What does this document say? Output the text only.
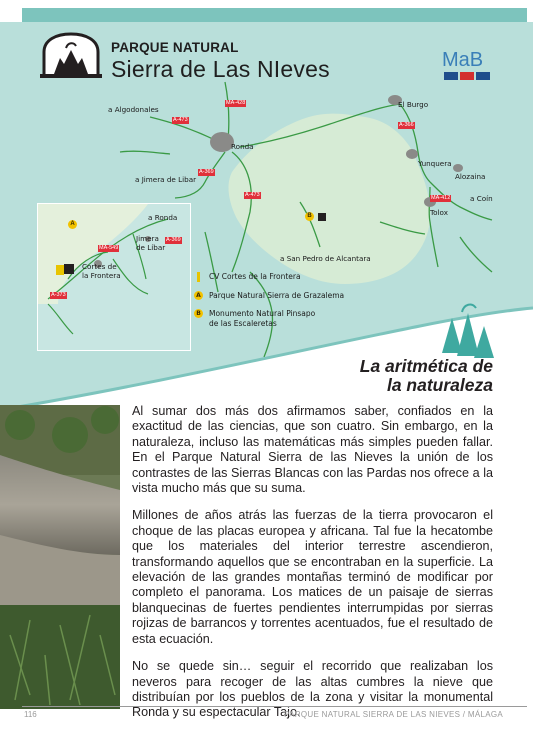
a Algodonales
Ronda
a Jimera de Libar
El Burgo
Yunquera
Alozaina
a Coín
Tolox
a San Pedro de Alcantara
MA-428
A-473
A-366
A-369
A-473	MA-412
B
PARQUE NATURAL
Sierra de Las NIeves	MaB
A
a Ronda
Jimera de Líbar
Cortes de la Frontera
MA-549
A-373
A-369
CV Cortes de la Frontera
A Parque Natural Sierra de Grazalema
B Monumento Natural Pinsapo de las Escaleretas
La aritmética de
la naturaleza

Al sumar dos más dos afirmamos saber, confiados en la exactitud de las ciencias, que son cuatro. Sin embargo, en la naturaleza, incluso las matemáticas más simples pueden fallar. En el Parque Natural Sierra de las Nieves la unión de los contrastes de las Sierras Blancas con las Pardas nos ofrece a la vista mucho más que su suma.

Millones de años atrás las fuerzas de la tierra provocaron el choque de las placas europea y africana. Tal fue la hecatombe que los materiales del interior terrestre ascendieron, transformando aquellos que se encontraban en la superficie. La elevación de las grandes montañas terminó de modificar por completo el panorama. Los matices de un paisaje de sierras blanquecinas de fuertes pendientes interrumpidas por sierras rojizas de barrancos y torrentes acentuados, fue el resultado de esta ecuación.

No se quede sin… seguir el recorrido que realizaban los neveros para recoger de las altas cumbres la nieve que distribuían por los pueblos de la zona y visitar la monumental Ronda y su espectacular Tajo.

116	PARQUE NATURAL SIERRA DE LAS NIEVES / MÁLAGA
